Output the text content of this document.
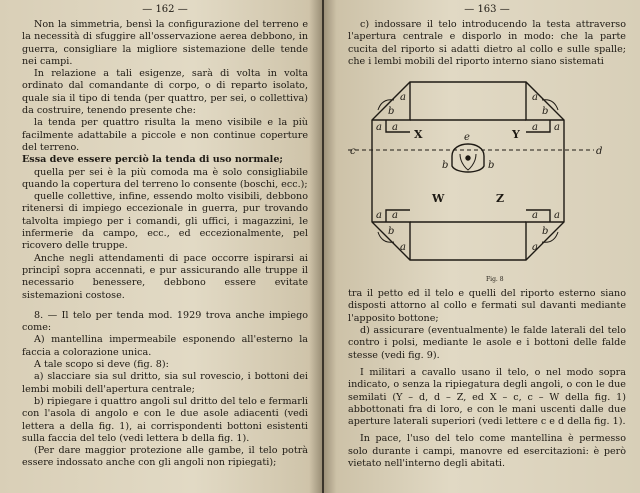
— 162 —

Non la simmetria, bensì la configurazione del terreno e la necessità di sfuggire all'osservazione aerea debbono, in guerra, consigliare la migliore sistemazione delle tende nei campi.

In relazione a tali esigenze, sarà di volta in volta ordinato dal comandante di corpo, o di reparto isolato, quale sia il tipo di tenda (per quattro, per sei, o collettiva) da costruire, tenendo presente che:

la tenda per quattro risulta la meno visibile e la più facilmente adattabile a piccole e non continue coperture del terreno.

Essa deve essere perciò la tenda di uso normale;

quella per sei è la più comoda ma è solo consigliabile quando la copertura del terreno lo consente (boschi, ecc.);

quelle collettive, infine, essendo molto visibili, debbono ritenersi di impiego eccezionale in guerra, pur trovando talvolta impiego per i comandi, gli uffici, i magazzini, le infermerie da campo, ecc., ed eccezionalmente, pel ricovero delle truppe.

Anche negli attendamenti di pace occorre ispirarsi ai principî sopra accennati, e pur assicurando alle truppe il necessario benessere, debbono essere evitate sistemazioni costose.

8. — Il telo per tenda mod. 1929 trova anche impiego come:

A) mantellina impermeabile esponendo all'esterno la faccia a colorazione unica.

A tale scopo si deve (fig. 8):

a) slacciare sia sul dritto, sia sul rovescio, i bottoni dei lembi mobili dell'apertura centrale;

b) ripiegare i quattro angoli sul dritto del telo e fermarli con l'asola di angolo e con le due asole adiacenti (vedi lettera a della fig. 1), ai corrispondenti bottoni esistenti sulla faccia del telo (vedi lettera b della fig. 1).

(Per dare maggior protezione alle gambe, il telo potrà essere indossato anche con gli angoli non ripiegati);

— 163 —

c) indossare il telo introducendo la testa attraverso l'apertura centrale e disporlo in modo: che la parte cucita del riporto si adatti dietro al collo e sulle spalle; che i lembi mobili del riporto interno siano sistemati

a
b
a a
a
b
a a
a
b
a a
a
b
a a
c	d
e
b	b
X	Y
W	Z
Fig. 8

tra il petto ed il telo e quelli del riporto esterno siano disposti attorno al collo e fermati sul davanti mediante l'apposito bottone;

d) assicurare (eventualmente) le falde laterali del telo contro i polsi, mediante le asole e i bottoni delle falde stesse (vedi fig. 9).

I militari a cavallo usano il telo, o nel modo sopra indicato, o senza la ripiegatura degli angoli, o con le due semilati (Y – d, d – Z, ed X – c, c – W della fig. 1) abbottonati fra di loro, e con le mani uscenti dalle due aperture laterali superiori (vedi lettere c e d della fig. 1).

In pace, l'uso del telo come mantellina è permesso solo durante i campi, manovre ed esercitazioni: è però vietato nell'interno degli abitati.
